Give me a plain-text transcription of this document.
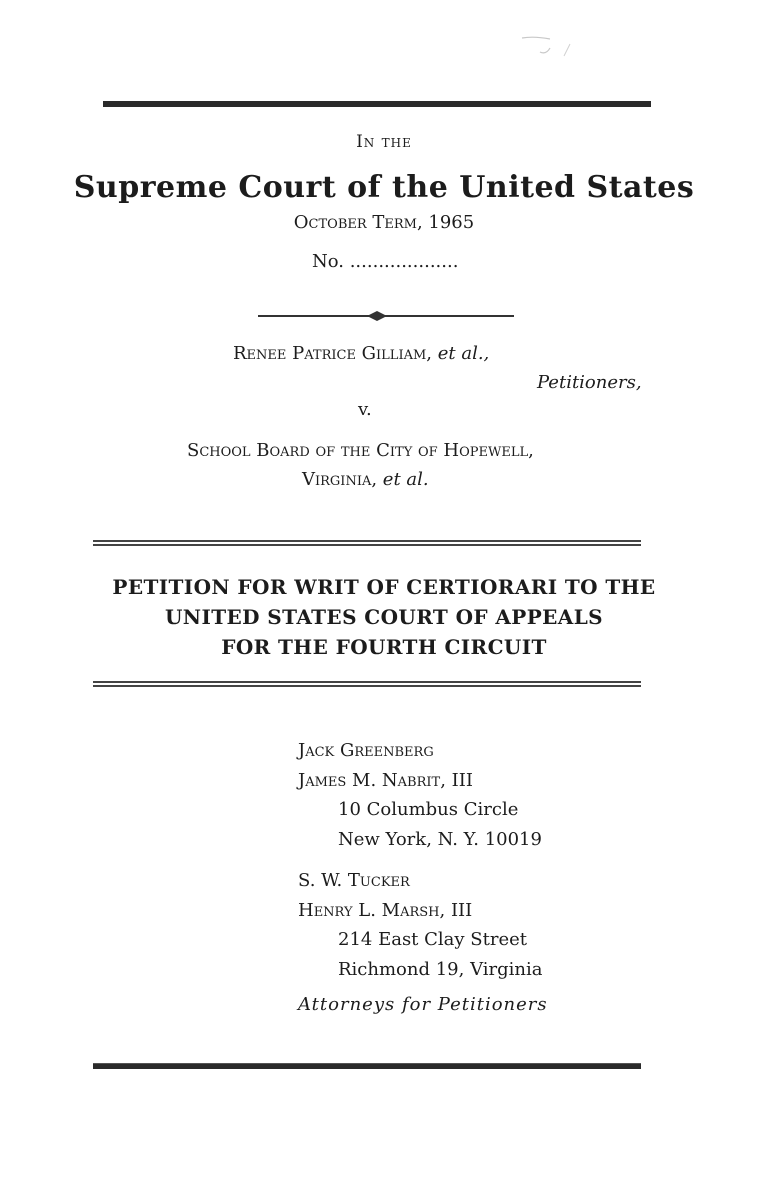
In the
Supreme Court of the United States
October Term, 1965
No. ...................
Renee Patrice Gilliam, et al.,
Petitioners,
v.
School Board of the City of Hopewell,
Virginia, et al.
PETITION FOR WRIT OF CERTIORARI TO THE
UNITED STATES COURT OF APPEALS
FOR THE FOURTH CIRCUIT
Jack Greenberg
James M. Nabrit, III
10 Columbus Circle
New York, N. Y. 10019
S. W. Tucker
Henry L. Marsh, III
214 East Clay Street
Richmond 19, Virginia
Attorneys for Petitioners
